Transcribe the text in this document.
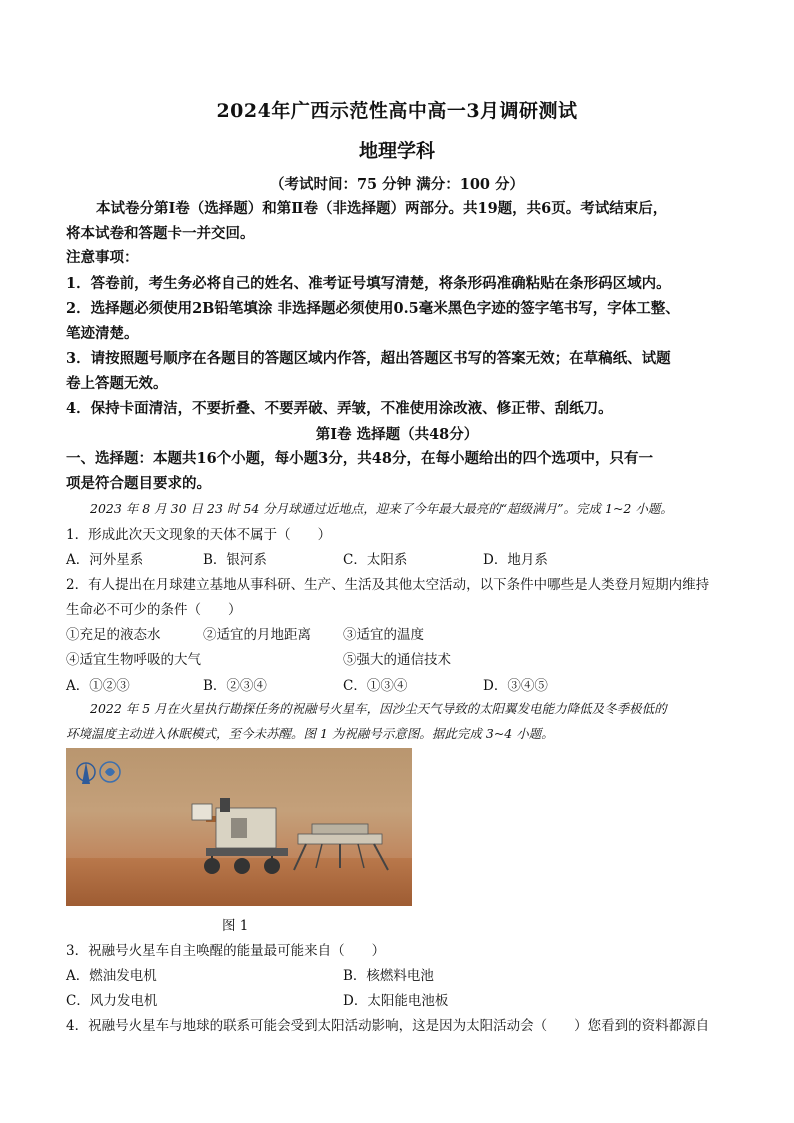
2024年广西示范性高中高一3月调研测试
地理学科
（考试时间：75 分钟 满分：100 分）
本试卷分第Ⅰ卷（选择题）和第Ⅱ卷（非选择题）两部分。共19题，共6页。考试结束后，
将本试卷和答题卡一并交回。
注意事项：
1．答卷前，考生务必将自己的姓名、准考证号填写清楚，将条形码准确粘贴在条形码区域内。
2．选择题必须使用2B铅笔填涂 非选择题必须使用0.5毫米黑色字迹的签字笔书写，字体工整、
笔迹清楚。
3．请按照题号顺序在各题目的答题区域内作答，超出答题区书写的答案无效；在草稿纸、试题
卷上答题无效。
4．保持卡面清洁，不要折叠、不要弄破、弄皱，不准使用涂改液、修正带、刮纸刀。
第Ⅰ卷 选择题（共48分）
一、选择题：本题共16个小题，每小题3分，共48分，在每小题给出的四个选项中，只有一
项是符合题目要求的。
2023 年 8 月 30 日 23 时 54 分月球通过近地点，迎来了今年最大最亮的“超级满月”。完成 1~2 小题。
1．形成此次天文现象的天体不属于（　　）
A．河外星系	B．银河系	C．太阳系	D．地月系
2．有人提出在月球建立基地从事科研、生产、生活及其他太空活动，以下条件中哪些是人类登月短期内维持
生命必不可少的条件（　　）
①充足的液态水	②适宜的月地距离 ③适宜的温度
④适宜生物呼吸的大气	⑤强大的通信技术
A．①②③	B．②③④	C．①③④	D．③④⑤
2022 年 5 月在火星执行勘探任务的祝融号火星车，因沙尘天气导致的太阳翼发电能力降低及冬季极低的
环境温度主动进入休眠模式，至今未苏醒。图 1 为祝融号示意图。据此完成 3~4 小题。
图 1
3．祝融号火星车自主唤醒的能量最可能来自（　　）
A．燃油发电机	B．核燃料电池
C．风力发电机	D．太阳能电池板
4．祝融号火星车与地球的联系可能会受到太阳活动影响，这是因为太阳活动会（　　）您看到的资料都源自
